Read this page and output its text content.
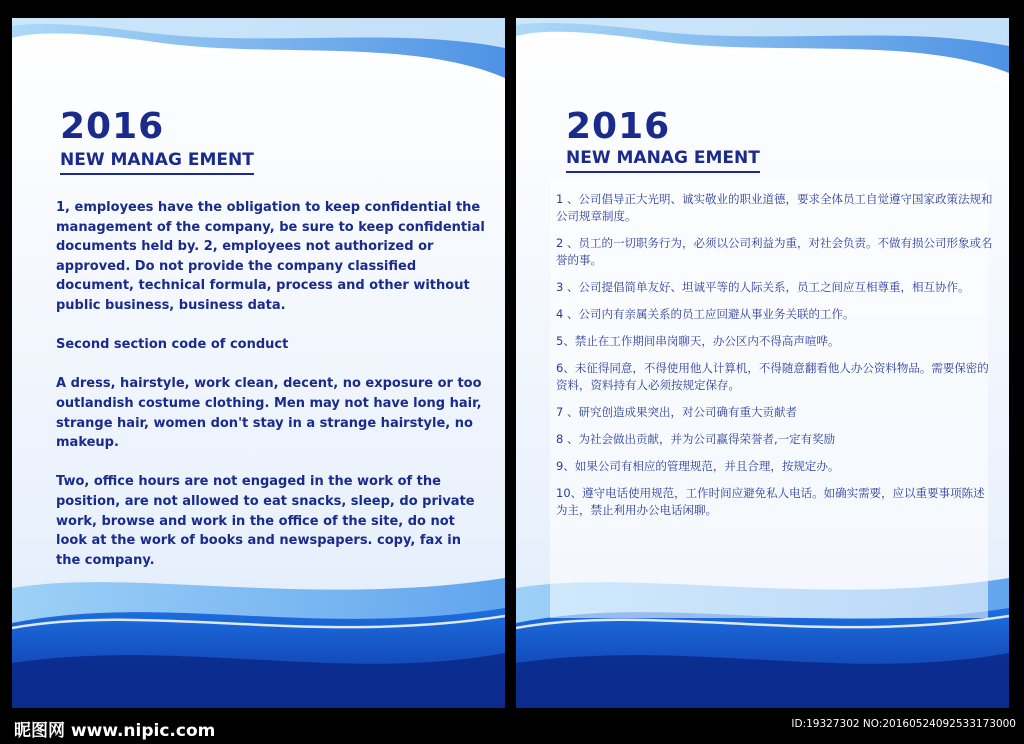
2016
NEW MANAG EMENT

1, employees have the obligation to keep confidential the management of the company, be sure to keep confidential documents held by. 2, employees not authorized or approved. Do not provide the company classified document, technical formula, process and other without public business, business data.

Second section code of conduct

A dress, hairstyle, work clean, decent, no exposure or too outlandish costume clothing. Men may not have long hair, strange hair, women don't stay in a strange hairstyle, no makeup.

Two, office hours are not engaged in the work of the position, are not allowed to eat snacks, sleep, do private work, browse and work in the office of the site, do not look at the work of books and newspapers. copy, fax in the company.

2016
NEW MANAG EMENT
1 、公司倡导正大光明、诚实敬业的职业道德，要求全体员工自觉遵守国家政策法规和公司规章制度。
2 、员工的一切职务行为，必须以公司利益为重，对社会负责。不做有损公司形象或名誉的事。
3 、公司提倡简单友好、坦诚平等的人际关系，员工之间应互相尊重，相互协作。
4 、公司内有亲属关系的员工应回避从事业务关联的工作。
5、禁止在工作期间串岗聊天，办公区内不得高声喧哗。
6、未征得同意，不得使用他人计算机，不得随意翻看他人办公资料物品。需要保密的资料，资料持有人必须按规定保存。
7 、研究创造成果突出，对公司确有重大贡献者
8 、为社会做出贡献，并为公司赢得荣誉者,一定有奖励
9、如果公司有相应的管理规范，并且合理，按规定办。
10、遵守电话使用规范，工作时间应避免私人电话。如确实需要，应以重要事项陈述为主，禁止利用办公电话闲聊。
昵图网 www.nipic.com	ID:19327302 NO:20160524092533173000
